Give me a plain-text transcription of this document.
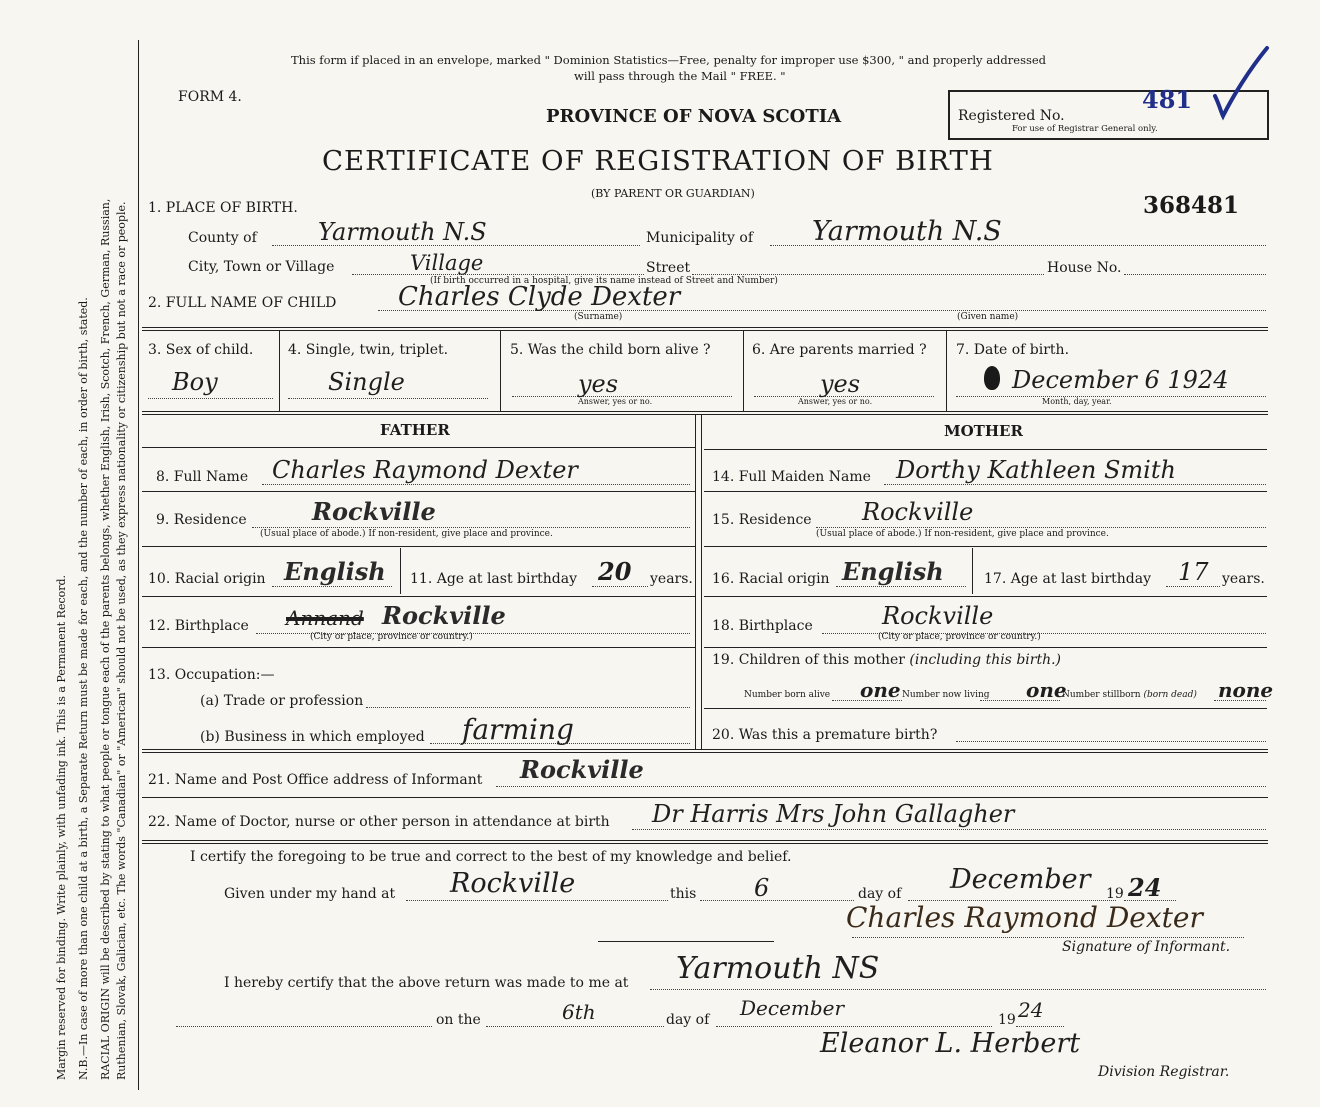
Margin reserved for binding. Write plainly, with unfading ink. This is a Permanent Record. N.B.—In case of more than one child at a birth, a Separate Return must be made for each, and the number of each, in order of birth, stated. RACIAL ORIGIN will be described by stating to what people or tongue each of the parents belongs, whether English, Irish, Scotch, French, German, Russian, Ruthenian, Slovak, Galician, etc. The words "Canadian" or "American" should not be used, as they express nationality or citizenship but not a race or people.
This form if placed in an envelope, marked " Dominion Statistics—Free, penalty for improper use $300, " and properly addressed
will pass through the Mail " FREE. "
FORM 4.
PROVINCE OF NOVA SCOTIA	Registered No.
481
For use of Registrar General only.
CERTIFICATE OF REGISTRATION OF BIRTH
(BY PARENT OR GUARDIAN)	368481
1. PLACE OF BIRTH.
County of	Yarmouth N.S	Municipality of Yarmouth N.S
City, Town or Village	Village	Street	House No.
(If birth occurred in a hospital, give its name instead of Street and Number)
2. FULL NAME OF CHILD Charles Clyde Dexter
(Surname)	(Given name)
3. Sex of child.
Boy
4. Single, twin, triplet.
Single
5. Was the child born alive ?
yes
Answer, yes or no.
6. Are parents married ?
yes
Answer, yes or no.
7. Date of birth.
December 6 1924
Month, day, year.
FATHER	MOTHER
8. Full Name Charles Raymond Dexter
9. Residence	Rockville
(Usual place of abode.) If non-resident, give place and province.
10. Racial origin English 11. Age at last birthday 20 years.
12. Birthplace Annand Rockville
(City or place, province or country.)
13. Occupation:—
(a) Trade or profession
(b) Business in which employed farming
14. Full Maiden Name Dorthy Kathleen Smith
15. Residence Rockville
(Usual place of abode.) If non-resident, give place and province.
16. Racial origin English	17. Age at last birthday 17 years.
18. Birthplace	Rockville
(City or place, province or country.)
19. Children of this mother (including this birth.)
Number born alive one Number now living one
Number stillborn (born dead) none
20. Was this a premature birth?
21. Name and Post Office address of Informant Rockville
22. Name of Doctor, nurse or other person in attendance at birth Dr Harris Mrs John Gallagher
I certify the foregoing to be true and correct to the best of my knowledge and belief.
Given under my hand at Rockville	this 6	day of December 19 24
Charles Raymond Dexter
Signature of Informant.
I hereby certify that the above return was made to me at Yarmouth NS
on the	6th	day of December	19 24
Eleanor L. Herbert
Division Registrar.
